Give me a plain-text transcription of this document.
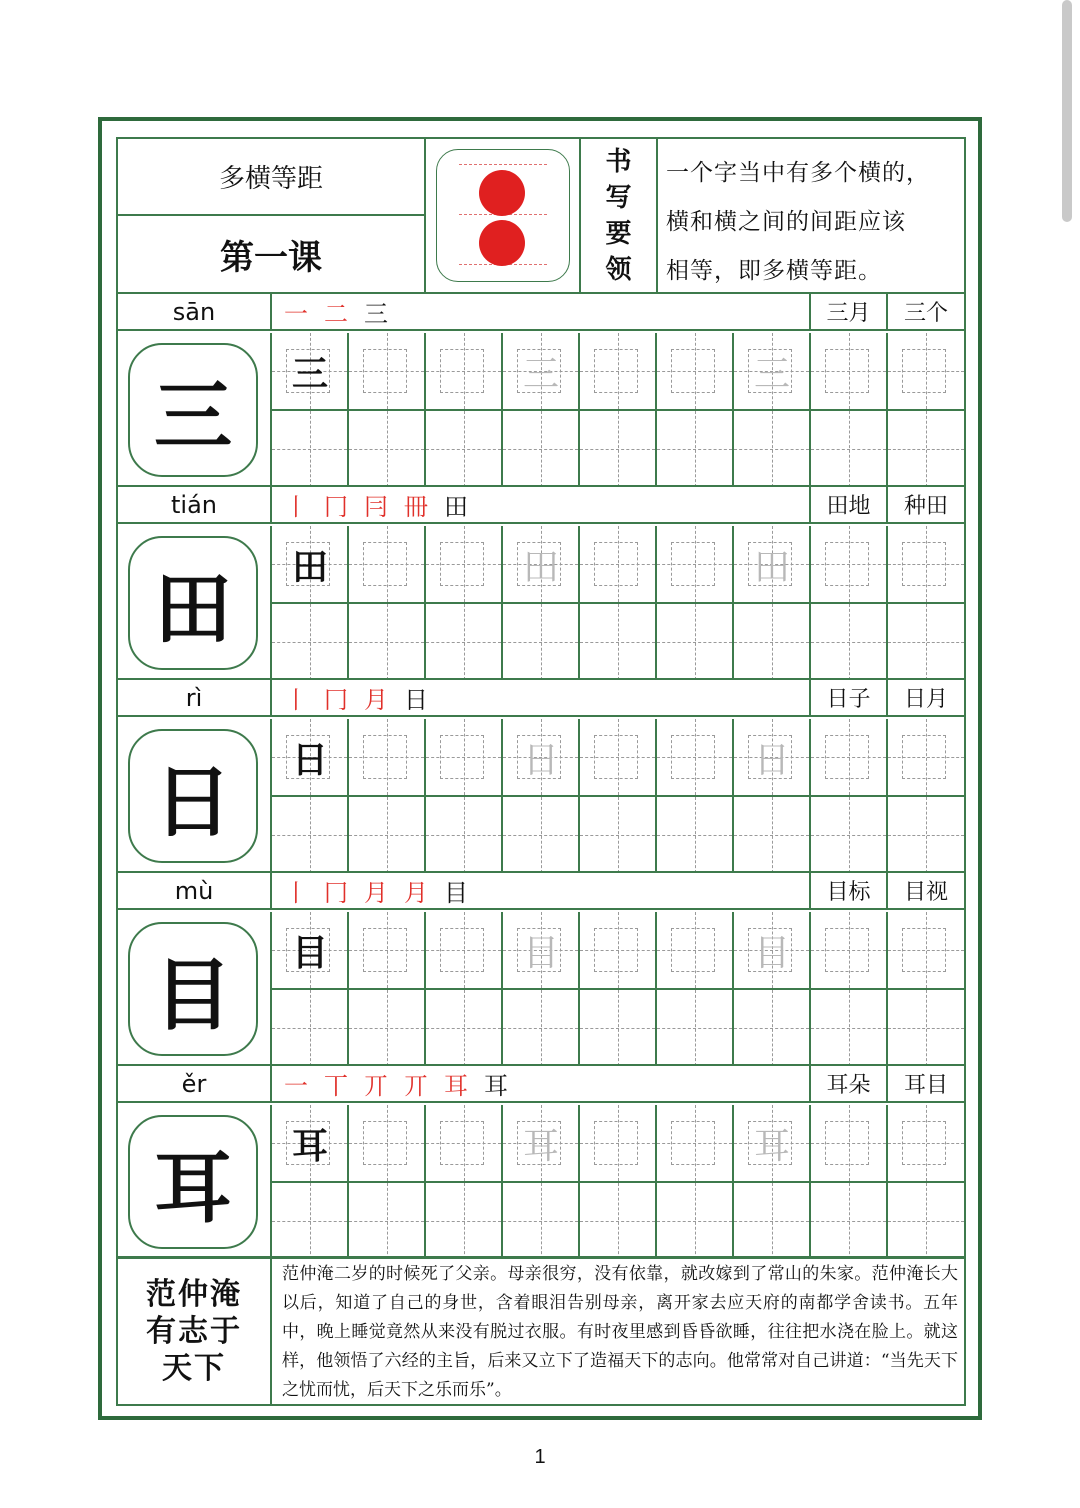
多横等距
第一课
书
写
要
领
一个字当中有多个横的，
横和横之间的间距应该
相等，即多横等距。
sān	一 二 三	三月	三个
三	三	三	三
tián	丨 冂 冃 冊 田	田地	种田
田	田	田	田
rì	丨 冂 月 日	日子	日月
日	日	日	日
mù	丨 冂 月 月 目	目标	目视
目	目	目	目
ěr	一 丅 丌 丌 耳 耳	耳朵	耳目
耳	耳	耳	耳
范仲淹
有志于
天下
范仲淹二岁的时候死了父亲。母亲很穷，没有依靠，就改嫁到了常山的朱家。范仲淹长大以后，知道了自己的身世，含着眼泪告别母亲，离开家去应天府的南都学舍读书。五年中，晚上睡觉竟然从来没有脱过衣服。有时夜里感到昏昏欲睡，往往把水浇在脸上。就这样，他领悟了六经的主旨，后来又立下了造福天下的志向。他常常对自己讲道：“当先天下之忧而忧，后天下之乐而乐”。
1
